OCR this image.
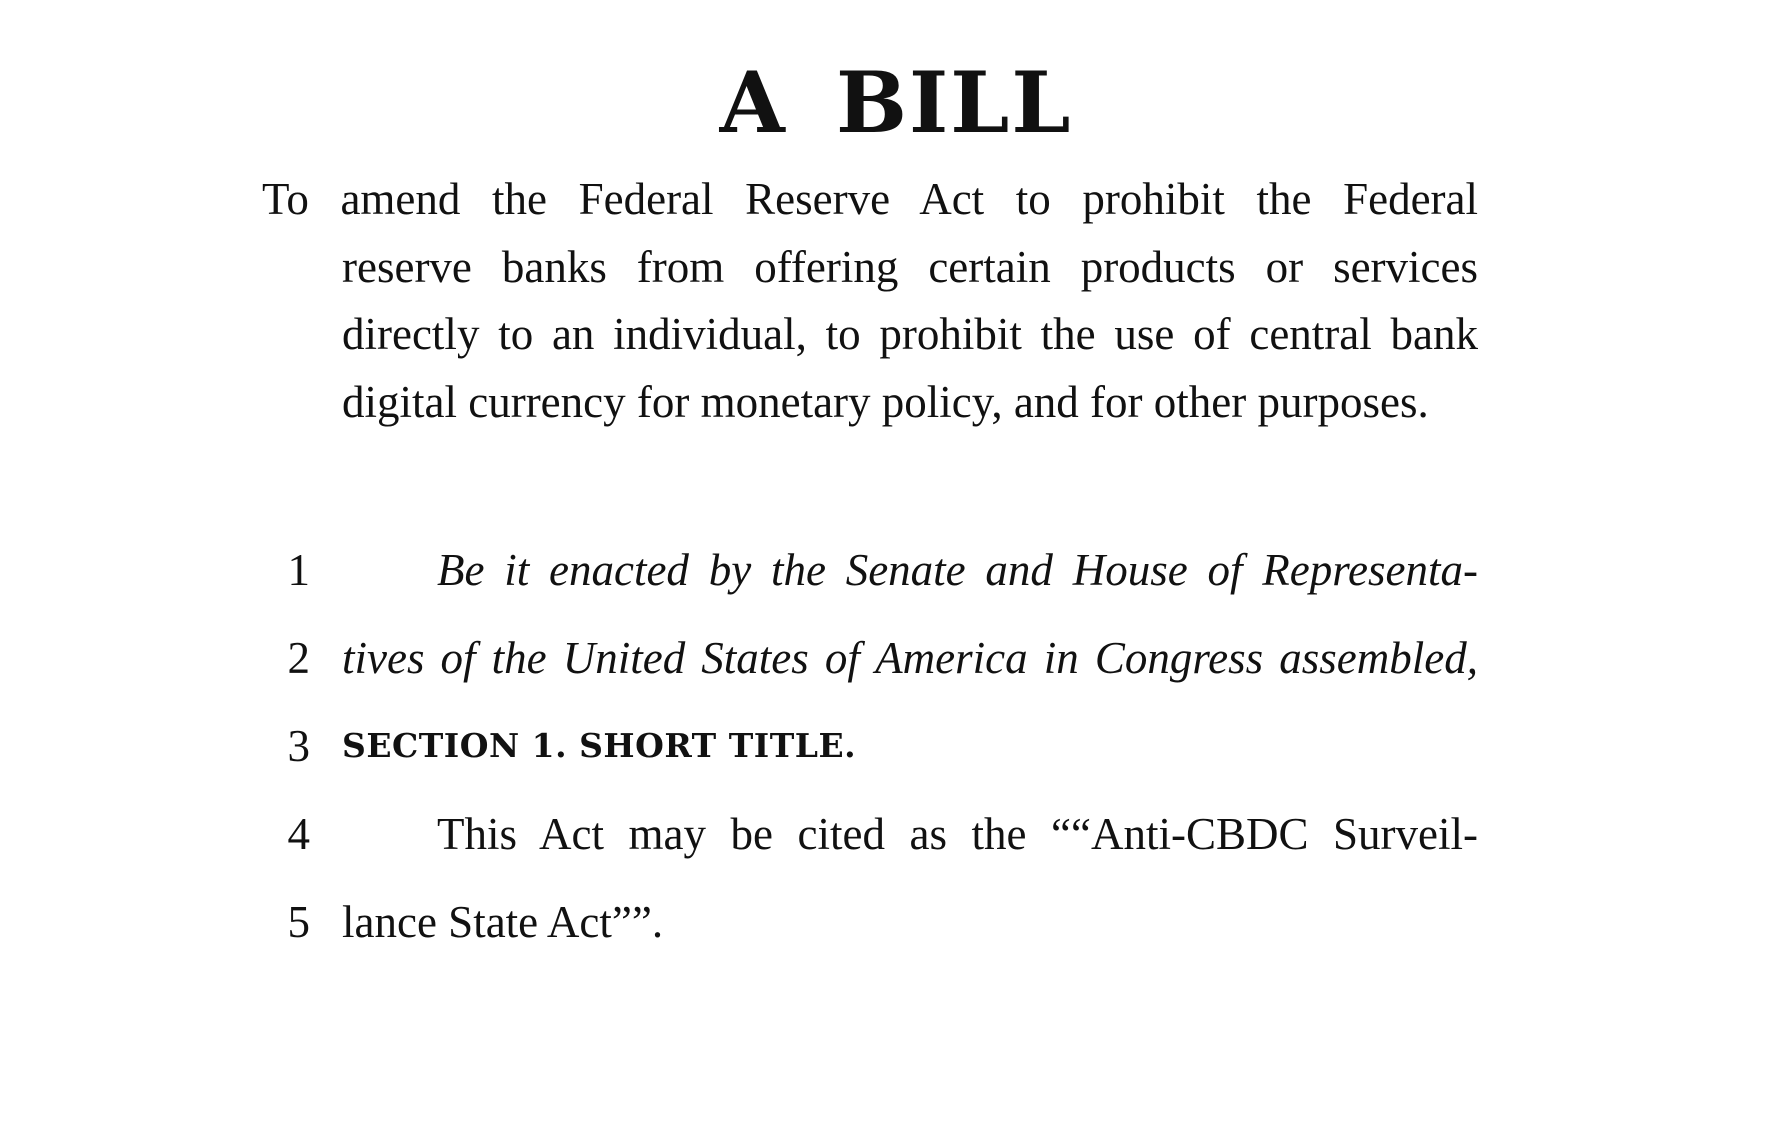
A BILL
To amend the Federal Reserve Act to prohibit the Federal
reserve banks from offering certain products or services directly to an individual, to prohibit the use of central bank digital currency for monetary policy, and for other purposes.
1	Be it enacted by the Senate and House of Representa-
2 tives of the United States of America in Congress assembled,
3 SECTION 1. SHORT TITLE.
4	This Act may be cited as the ““Anti-CBDC Surveil-
5 lance State Act””.
